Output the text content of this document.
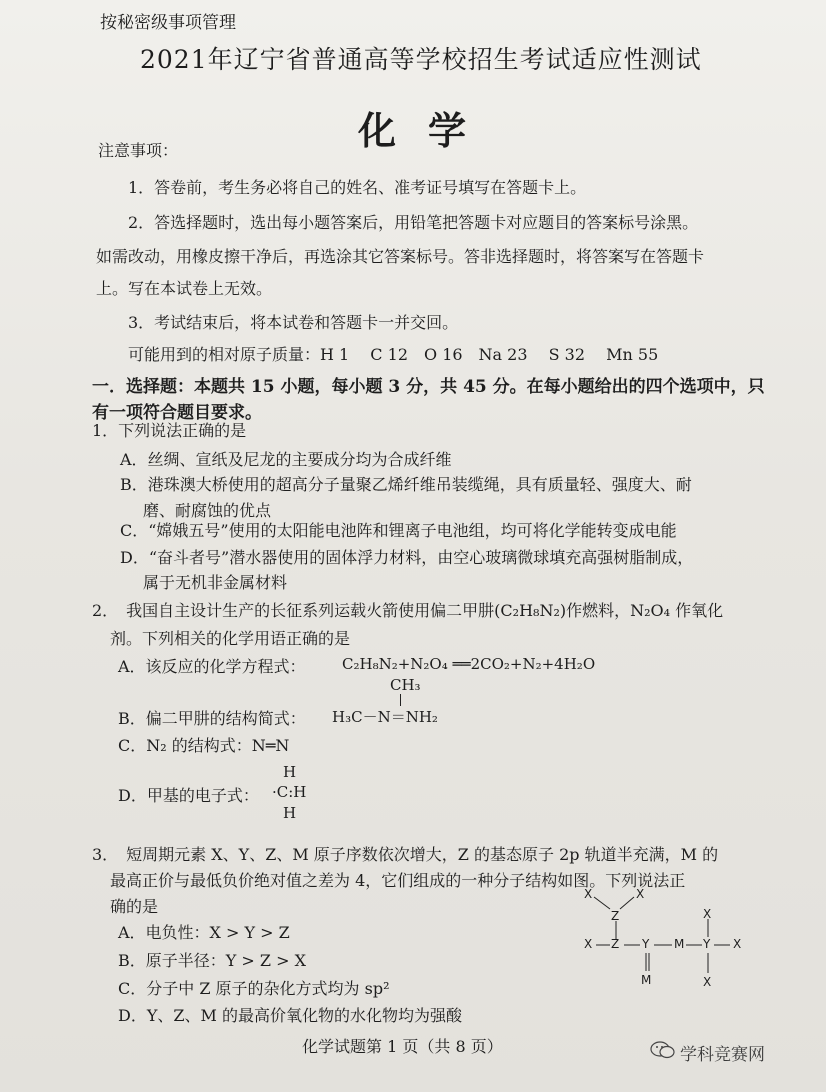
按秘密级事项管理
2021年辽宁省普通高等学校招生考试适应性测试
化学
注意事项：
1．答卷前，考生务必将自己的姓名、准考证号填写在答题卡上。
2．答选择题时，选出每小题答案后，用铅笔把答题卡对应题目的答案标号涂黑。
如需改动，用橡皮擦干净后，再选涂其它答案标号。答非选择题时，将答案写在答题卡
上。写在本试卷上无效。
3．考试结束后，将本试卷和答题卡一并交回。
可能用到的相对原子质量：H 1　 C 12　O 16　Na 23　 S 32　 Mn 55
一．选择题：本题共 15 小题，每小题 3 分，共 45 分。在每小题给出的四个选项中，只
有一项符合题目要求。
1．下列说法正确的是
A．丝绸、宣纸及尼龙的主要成分均为合成纤维
B．港珠澳大桥使用的超高分子量聚乙烯纤维吊装缆绳，具有质量轻、强度大、耐
磨、耐腐蚀的优点
C．“嫦娥五号”使用的太阳能电池阵和锂离子电池组，均可将化学能转变成电能
D．“奋斗者号”潜水器使用的固体浮力材料，由空心玻璃微球填充高强树脂制成，
属于无机非金属材料
2．　我国自主设计生产的长征系列运载火箭使用偏二甲肼(C₂H₈N₂)作燃料，N₂O₄ 作氧化
剂。下列相关的化学用语正确的是
A．该反应的化学方程式： C₂H₈N₂+N₂O₄ ══2CO₂+N₂+4H₂O
CH₃
B．偏二甲肼的结构简式： H₃C－N＝NH₂
C．N₂ 的结构式：N═N
H
D．甲基的电子式： ·C:H
H
3．　短周期元素 X、Y、Z、M 原子序数依次增大，Z 的基态原子 2p 轨道半充满，M 的
最高正价与最低负价绝对值之差为 4，它们组成的一种分子结构如图。下列说法正
确的是
A．电负性：X > Y > Z
B．原子半径：Y > Z > X
C．分子中 Z 原子的杂化方式均为 sp²
D．Y、Z、M 的最高价氧化物的水化物均为强酸
X	X
Z	X
X Z Y M Y X
M	X
化学试题第 1 页（共 8 页）	学科竞赛网
